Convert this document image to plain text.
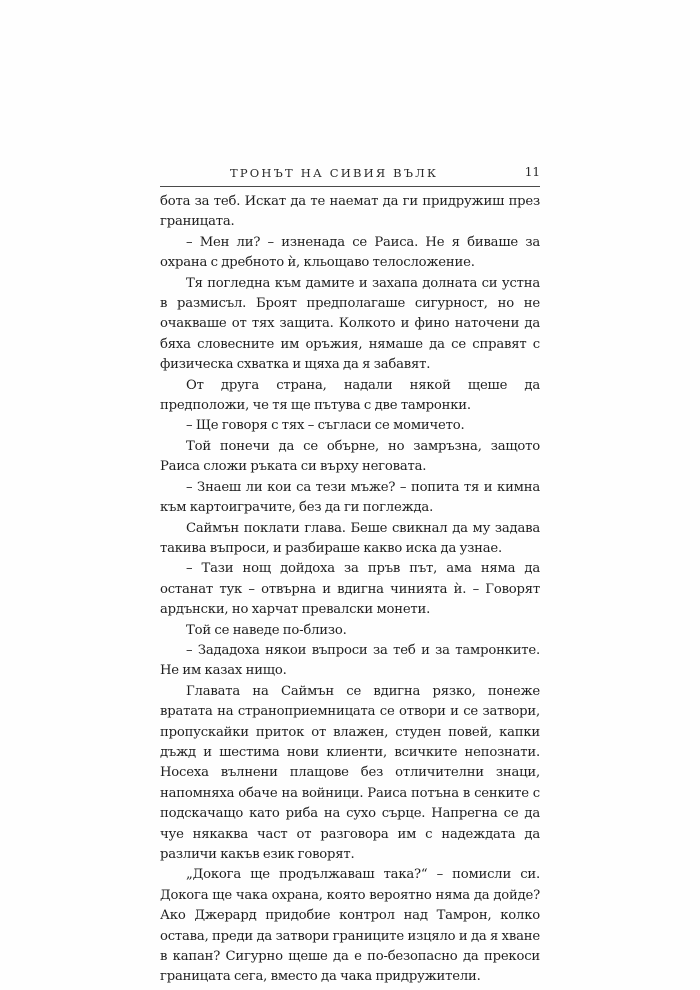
ТРОНЪТ НА СИВИЯ ВЪЛК	11

бота за теб. Искат да те наемат да ги придружиш през границата.

– Мен ли? – изненада се Раиса. Не я биваше за охрана с дребното ѝ, кльощаво телосложение.

Тя погледна към дамите и захапа долната си устна в размисъл. Броят предполагаше сигурност, но не очакваше от тях защита. Колкото и фино наточени да бяха словесните им оръжия, нямаше да се справят с физическа схватка и щяха да я забавят.

От друга страна, надали някой щеше да предположи, че тя ще пътува с две тамронки.

– Ще говоря с тях – съгласи се момичето.

Той понечи да се обърне, но замръзна, защото Раиса сложи ръката си върху неговата.

– Знаеш ли кои са тези мъже? – попита тя и кимна към картоиграчите, без да ги поглежда.

Саймън поклати глава. Беше свикнал да му задава такива въпроси, и разбираше какво иска да узнае.

– Тази нощ дойдоха за пръв път, ама няма да останат тук – отвърна и вдигна чинията ѝ. – Говорят ардънски, но харчат превалски монети.

Той се наведе по-близо.

– Зададоха някои въпроси за теб и за тамронките. Не им казах нищо.

Главата на Саймън се вдигна рязко, понеже вратата на страноприемницата се отвори и се затвори, пропускайки приток от влажен, студен повей, капки дъжд и шестима нови клиенти, всичките непознати. Носеха вълнени плащове без отличителни знаци, напомняха обаче на войници. Раиса потъна в сенките с подскачащо като риба на сухо сърце. Напрегна се да чуе някаква част от разговора им с надеждата да различи какъв език говорят.

„Докога ще продължаваш така?“ – помисли си. Докога ще чака охрана, която вероятно няма да дойде? Ако Джерард придобие контрол над Тамрон, колко остава, преди да затвори границите изцяло и да я хване в капан? Сигурно щеше да е по-безопасно да прекоси границата сега, вместо да чака придружители.
